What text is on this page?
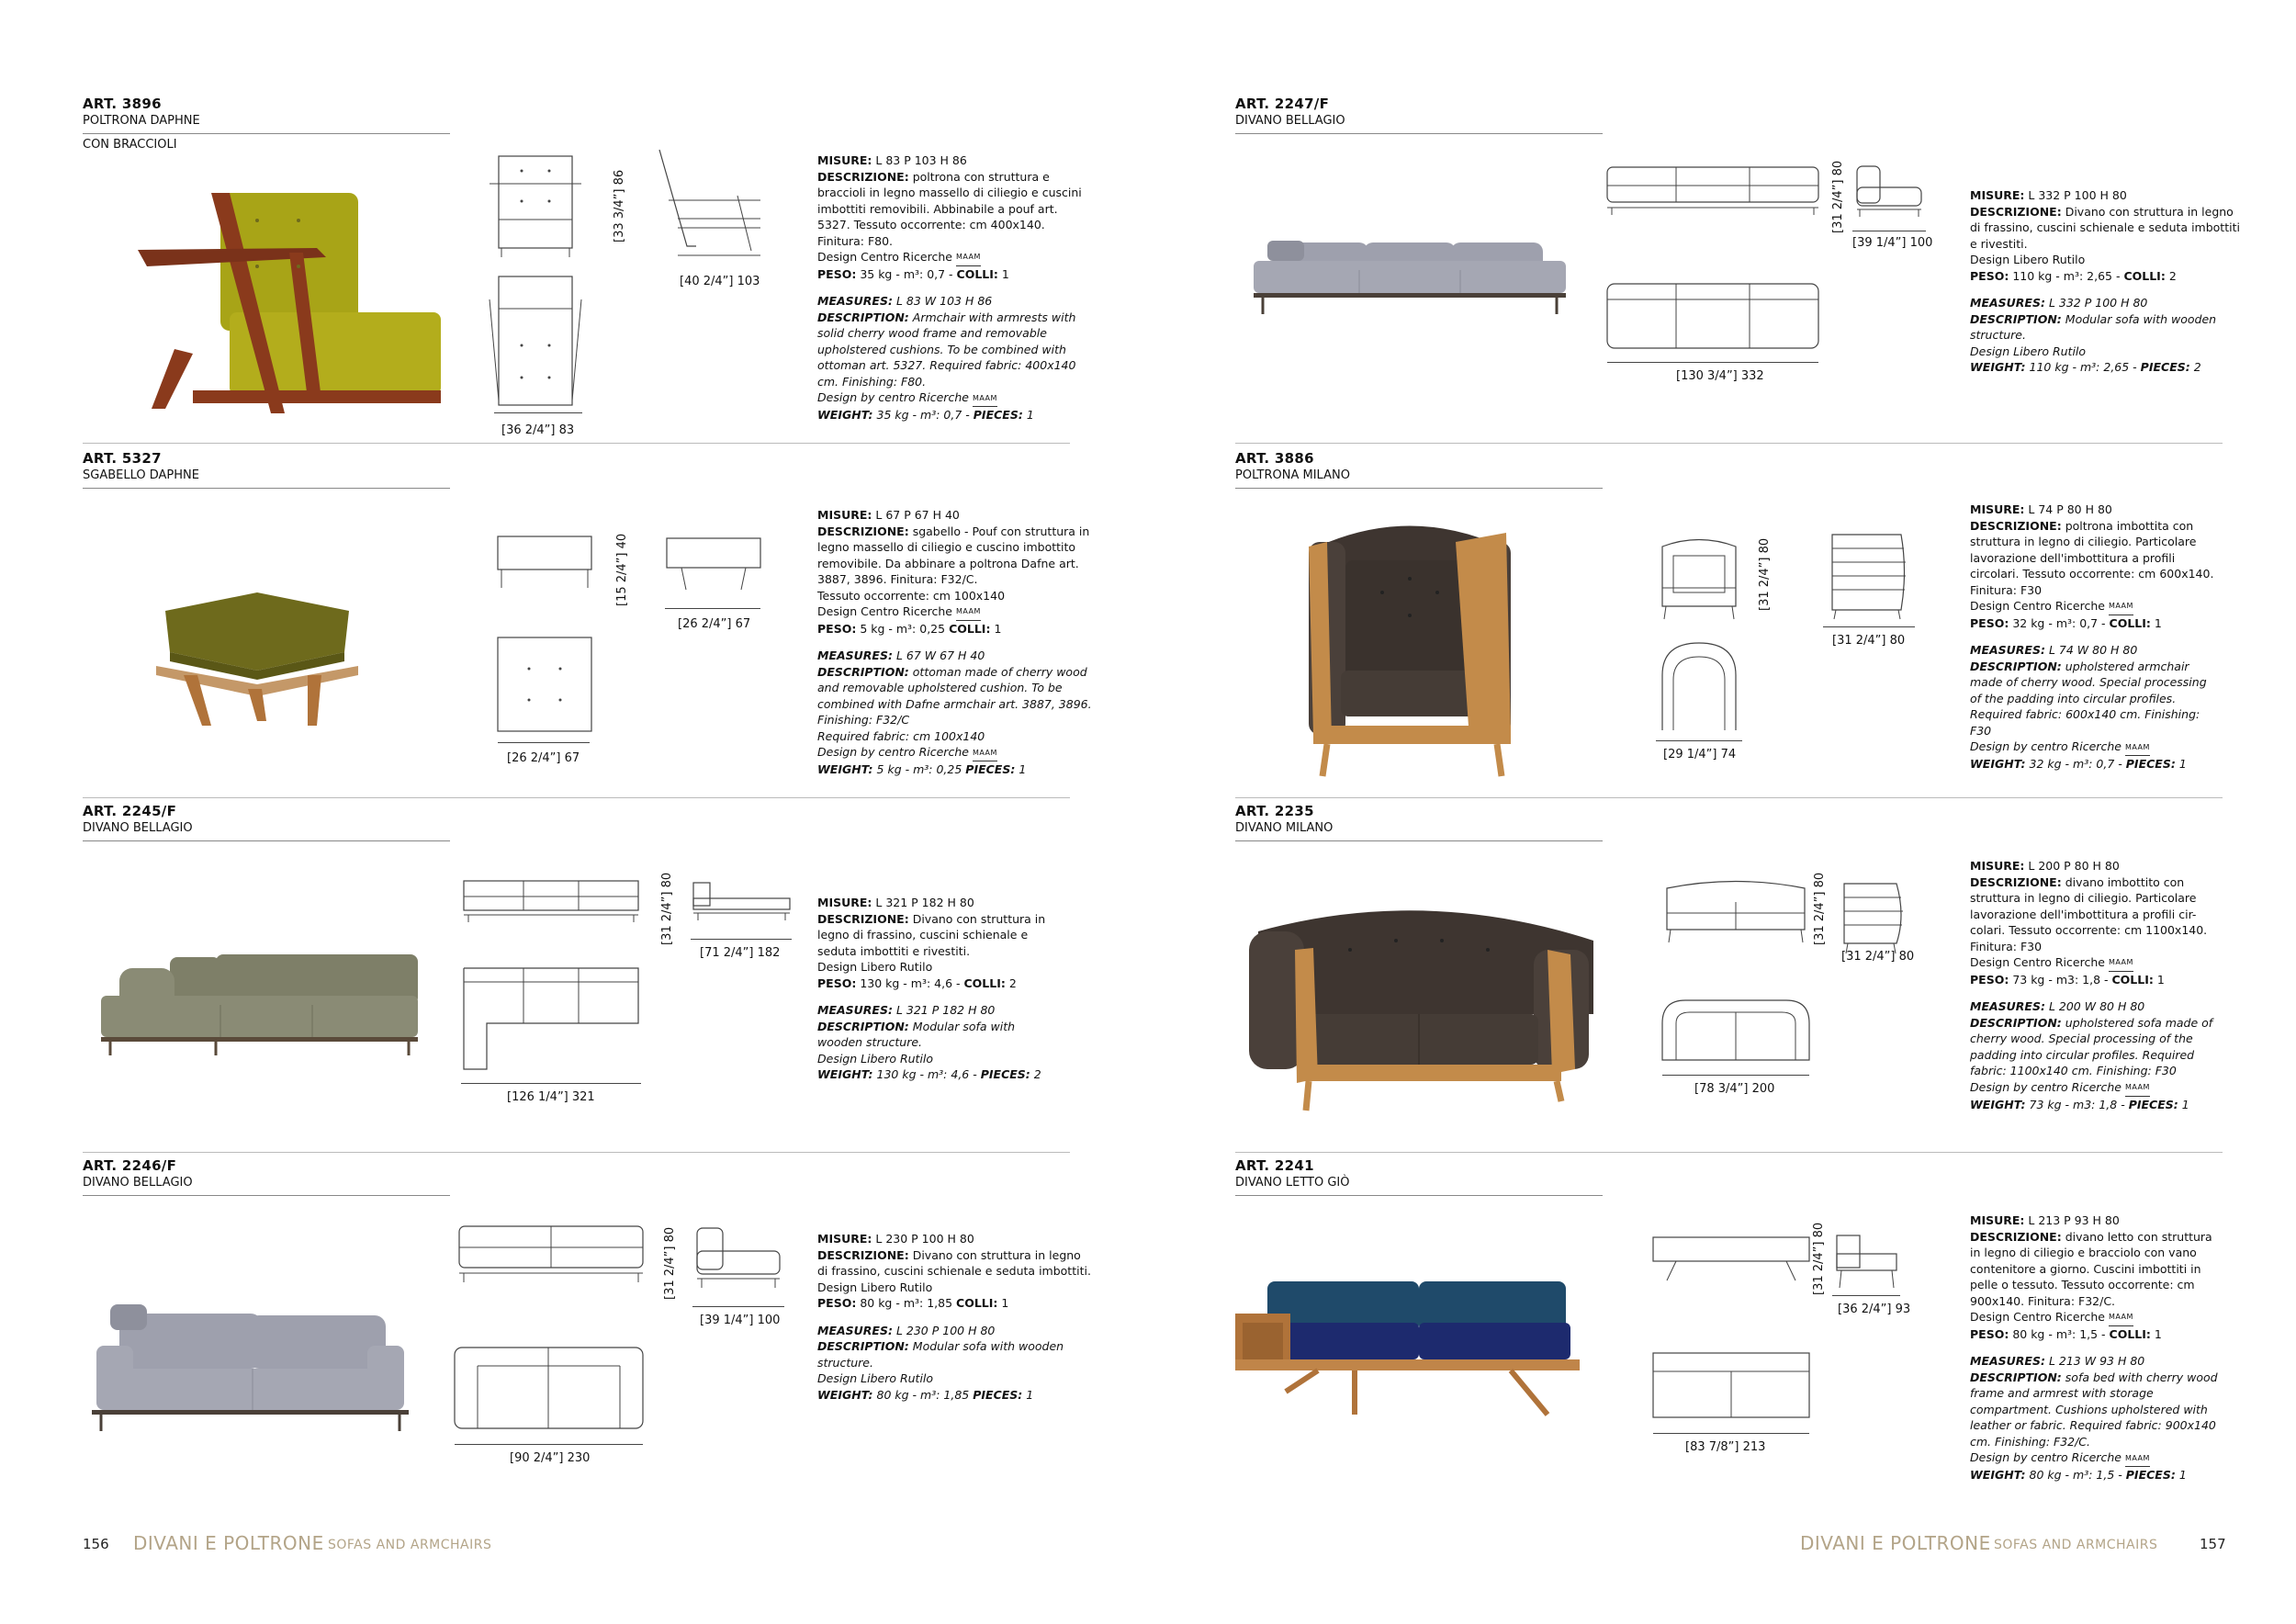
ART. 3896
POLTRONA DAPHNE
CON BRACCIOLI
[33 3/4”] 86
[36 2/4”] 83
[40 2/4”] 103

MISURE: L 83 P 103 H 86

DESCRIZIONE: poltrona con struttura e braccioli in legno massello di ciliegio e cuscini imbottiti removibili. Abbinabile a pouf art. 5327. Tessuto occorrente: cm 400x140. Finitura: F80.

Design Centro Ricerche MAAM

PESO: 35 kg - m³: 0,7 - COLLI: 1

MEASURES: L 83 W 103 H 86

DESCRIPTION: Armchair with armrests with solid cherry wood frame and removable upholstered cushions. To be combined with ottoman art. 5327. Required fabric: 400x140 cm. Finishing: F80.

Design by centro Ricerche MAAM

WEIGHT: 35 kg - m³: 0,7 - PIECES: 1

ART. 5327
SGABELLO DAPHNE
[15 2/4”] 40
[26 2/4”] 67
[26 2/4”] 67

MISURE: L 67 P 67 H 40

DESCRIZIONE: sgabello - Pouf con struttura in legno massello di ciliegio e cuscino imbottito removibile. Da abbinare a poltrona Dafne art. 3887, 3896. Finitura: F32/C.

Tessuto occorrente: cm 100x140

Design Centro Ricerche MAAM

PESO: 5 kg - m³: 0,25 COLLI: 1

MEASURES: L 67 W 67 H 40

DESCRIPTION: ottoman made of cherry wood and removable upholstered cushion. To be combined with Dafne armchair art. 3887, 3896. Finishing: F32/C

Required fabric: cm 100x140

Design by centro Ricerche MAAM

WEIGHT: 5 kg - m³: 0,25 PIECES: 1

ART. 2245/F
DIVANO BELLAGIO
[31 2/4”] 80
[126 1/4”] 321
[71 2/4”] 182

MISURE: L 321 P 182 H 80

DESCRIZIONE: Divano con struttura in legno di frassino, cuscini schienale e seduta imbottiti e rivestiti.

Design Libero Rutilo

PESO: 130 kg - m³: 4,6 - COLLI: 2

MEASURES: L 321 P 182 H 80

DESCRIPTION: Modular sofa with wooden structure.

Design Libero Rutilo

WEIGHT: 130 kg - m³: 4,6 - PIECES: 2

ART. 2246/F
DIVANO BELLAGIO
[31 2/4”] 80
[90 2/4”] 230
[39 1/4”] 100

MISURE: L 230 P 100 H 80

DESCRIZIONE: Divano con struttura in legno di frassino, cuscini schienale e seduta imbottiti.

Design Libero Rutilo

PESO: 80 kg - m³: 1,85 COLLI: 1

MEASURES: L 230 P 100 H 80

DESCRIPTION: Modular sofa with wooden structure.

Design Libero Rutilo

WEIGHT: 80 kg - m³: 1,85 PIECES: 1

156 DIVANI E POLTRONE SOFAS AND ARMCHAIRS
ART. 2247/F
DIVANO BELLAGIO
[31 2/4”] 80
[130 3/4”] 332
[39 1/4”] 100

MISURE: L 332 P 100 H 80

DESCRIZIONE: Divano con struttura in legno di frassino, cuscini schienale e seduta imbottiti e rivestiti.

Design Libero Rutilo

PESO: 110 kg - m³: 2,65 - COLLI: 2

MEASURES: L 332 P 100 H 80

DESCRIPTION: Modular sofa with wooden structure.

Design Libero Rutilo

WEIGHT: 110 kg - m³: 2,65 - PIECES: 2

ART. 3886
POLTRONA MILANO
[31 2/4”] 80
[29 1/4”] 74
[31 2/4”] 80

MISURE: L 74 P 80 H 80

DESCRIZIONE: poltrona imbottita con struttura in legno di ciliegio. Particolare lavorazione dell'imbottitura a profili circolari. Tessuto occorrente: cm 600x140. Finitura: F30

Design Centro Ricerche MAAM

PESO: 32 kg - m³: 0,7 - COLLI: 1

MEASURES: L 74 W 80 H 80

DESCRIPTION: upholstered armchair made of cherry wood. Special processing of the padding into circular profiles. Required fabric: 600x140 cm. Finishing: F30

Design by centro Ricerche MAAM

WEIGHT: 32 kg - m³: 0,7 - PIECES: 1

ART. 2235
DIVANO MILANO
[31 2/4”] 80
[78 3/4”] 200
[31 2/4”] 80

MISURE: L 200 P 80 H 80

DESCRIZIONE: divano imbottito con struttura in legno di ciliegio. Particolare lavorazione dell'imbottitura a profili cir-colari. Tessuto occorrente: cm 1100x140. Finitura: F30

Design Centro Ricerche MAAM

PESO: 73 kg - m3: 1,8 - COLLI: 1

MEASURES: L 200 W 80 H 80

DESCRIPTION: upholstered sofa made of cherry wood. Special processing of the padding into circular profiles. Required fabric: 1100x140 cm. Finishing: F30

Design by centro Ricerche MAAM

WEIGHT: 73 kg - m3: 1,8 - PIECES: 1

ART. 2241
DIVANO LETTO GIÒ
[31 2/4”] 80
[83 7/8”] 213
[36 2/4”] 93

MISURE: L 213 P 93 H 80

DESCRIZIONE: divano letto con struttura in legno di ciliegio e bracciolo con vano contenitore a giorno. Cuscini imbottiti in pelle o tessuto. Tessuto occorrente: cm 900x140. Finitura: F32/C.

Design Centro Ricerche MAAM

PESO: 80 kg - m³: 1,5 - COLLI: 1

MEASURES: L 213 W 93 H 80

DESCRIPTION: sofa bed with cherry wood frame and armrest with storage compartment. Cushions upholstered with leather or fabric. Required fabric: 900x140 cm. Finishing: F32/C.

Design by centro Ricerche MAAM

WEIGHT: 80 kg - m³: 1,5 - PIECES: 1

DIVANI E POLTRONE SOFAS AND ARMCHAIRS	157
